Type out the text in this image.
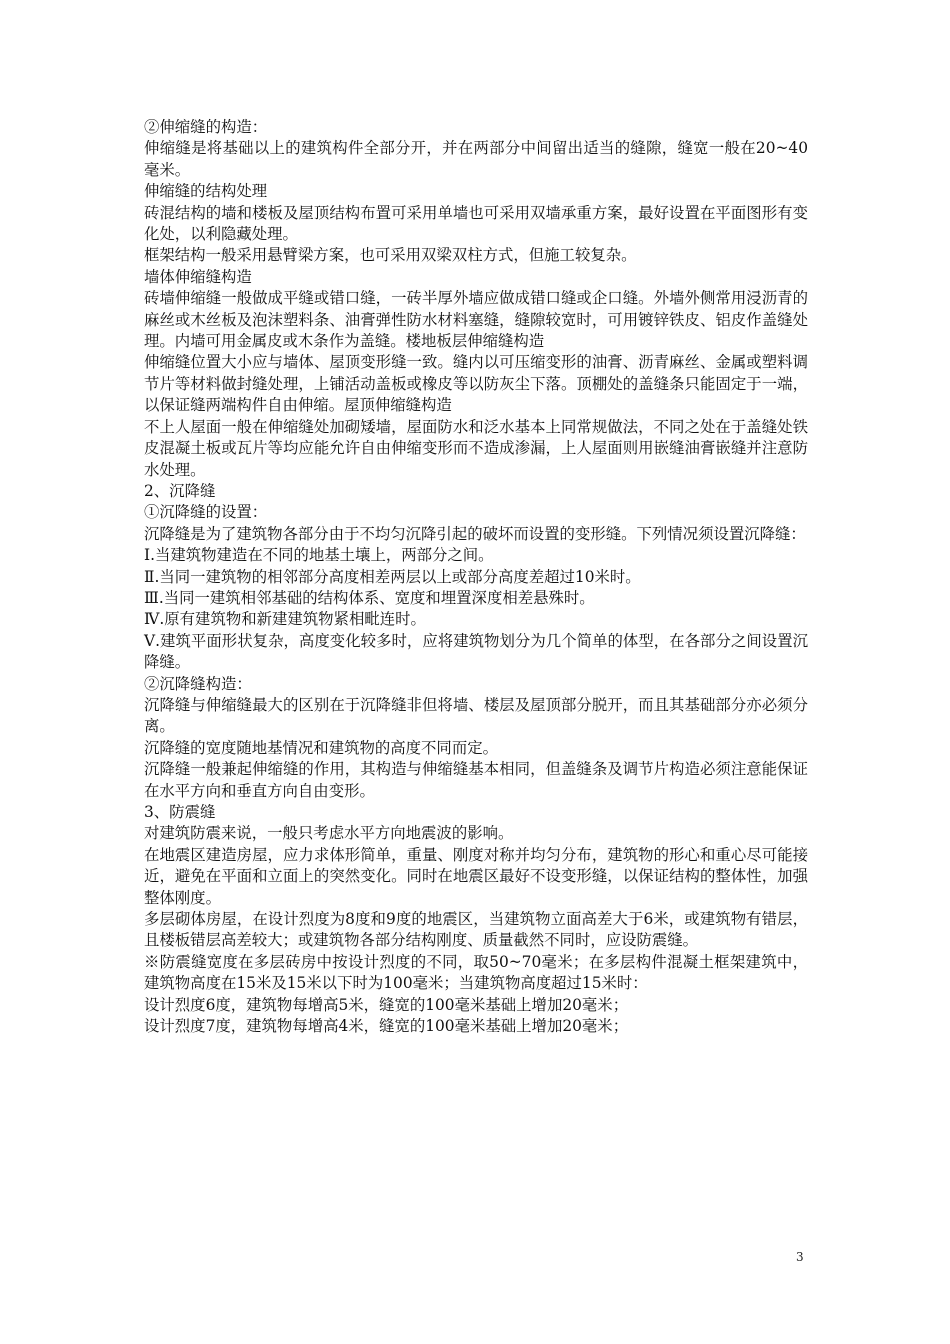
②伸缩缝的构造：

伸缩缝是将基础以上的建筑构件全部分开，并在两部分中间留出适当的缝隙，缝宽一般在20~40毫米。

伸缩缝的结构处理

砖混结构的墙和楼板及屋顶结构布置可采用单墙也可采用双墙承重方案，最好设置在平面图形有变化处，以利隐藏处理。

框架结构一般采用悬臂梁方案，也可采用双梁双柱方式，但施工较复杂。

墙体伸缩缝构造

砖墙伸缩缝一般做成平缝或错口缝，一砖半厚外墙应做成错口缝或企口缝。外墙外侧常用浸沥青的麻丝或木丝板及泡沫塑料条、油膏弹性防水材料塞缝，缝隙较宽时，可用镀锌铁皮、铝皮作盖缝处理。内墙可用金属皮或木条作为盖缝。楼地板层伸缩缝构造

伸缩缝位置大小应与墙体、屋顶变形缝一致。缝内以可压缩变形的油膏、沥青麻丝、金属或塑料调节片等材料做封缝处理，上铺活动盖板或橡皮等以防灰尘下落。顶棚处的盖缝条只能固定于一端，以保证缝两端构件自由伸缩。屋顶伸缩缝构造

不上人屋面一般在伸缩缝处加砌矮墙，屋面防水和泛水基本上同常规做法，不同之处在于盖缝处铁皮混凝土板或瓦片等均应能允许自由伸缩变形而不造成渗漏，上人屋面则用嵌缝油膏嵌缝并注意防水处理。

2、沉降缝

①沉降缝的设置：

沉降缝是为了建筑物各部分由于不均匀沉降引起的破坏而设置的变形缝。下列情况须设置沉降缝：

Ⅰ.当建筑物建造在不同的地基土壤上，两部分之间。

Ⅱ.当同一建筑物的相邻部分高度相差两层以上或部分高度差超过10米时。

Ⅲ.当同一建筑相邻基础的结构体系、宽度和埋置深度相差悬殊时。

Ⅳ.原有建筑物和新建建筑物紧相毗连时。

Ⅴ.建筑平面形状复杂，高度变化较多时，应将建筑物划分为几个简单的体型，在各部分之间设置沉降缝。

②沉降缝构造：

沉降缝与伸缩缝最大的区别在于沉降缝非但将墙、楼层及屋顶部分脱开，而且其基础部分亦必须分离。

沉降缝的宽度随地基情况和建筑物的高度不同而定。

沉降缝一般兼起伸缩缝的作用，其构造与伸缩缝基本相同，但盖缝条及调节片构造必须注意能保证在水平方向和垂直方向自由变形。

3、防震缝

对建筑防震来说，一般只考虑水平方向地震波的影响。

在地震区建造房屋，应力求体形简单，重量、刚度对称并均匀分布，建筑物的形心和重心尽可能接近，避免在平面和立面上的突然变化。同时在地震区最好不设变形缝，以保证结构的整体性，加强整体刚度。

多层砌体房屋，在设计烈度为8度和9度的地震区，当建筑物立面高差大于6米，或建筑物有错层，且楼板错层高差较大；或建筑物各部分结构刚度、质量截然不同时，应设防震缝。

※防震缝宽度在多层砖房中按设计烈度的不同，取50~70毫米；在多层构件混凝土框架建筑中，建筑物高度在15米及15米以下时为100毫米；当建筑物高度超过15米时：

设计烈度6度，建筑物每增高5米，缝宽的100毫米基础上增加20毫米；

设计烈度7度，建筑物每增高4米，缝宽的100毫米基础上增加20毫米；

3
